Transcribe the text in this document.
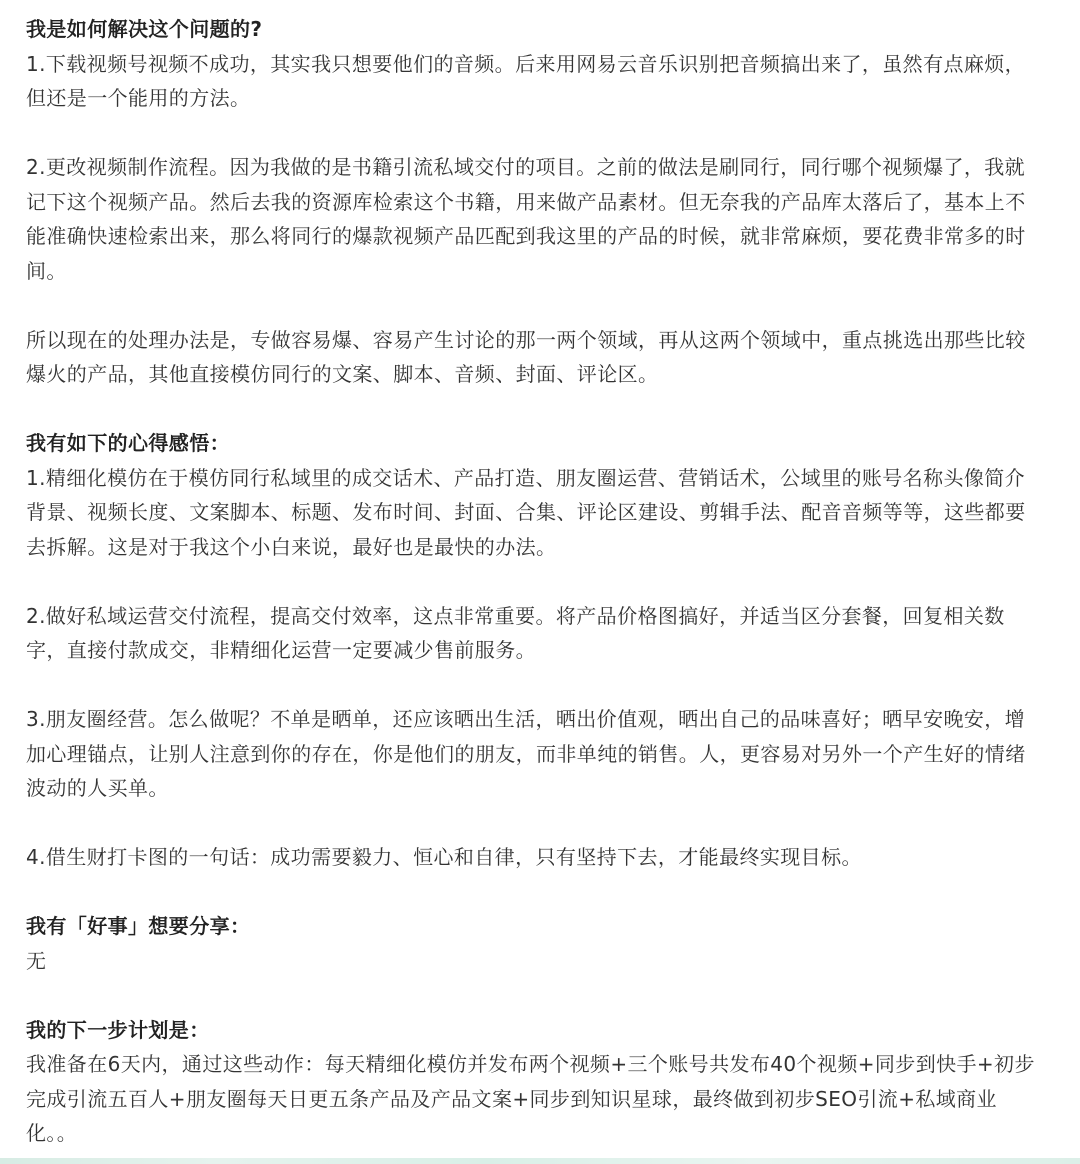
我是如何解决这个问题的?

1.下载视频号视频不成功，其实我只想要他们的音频。后来用网易云音乐识别把音频搞出来了，虽然有点麻烦，但还是一个能用的方法。

2.更改视频制作流程。因为我做的是书籍引流私域交付的项目。之前的做法是刷同行，同行哪个视频爆了，我就记下这个视频产品。然后去我的资源库检索这个书籍，用来做产品素材。但无奈我的产品库太落后了，基本上不能准确快速检索出来，那么将同行的爆款视频产品匹配到我这里的产品的时候，就非常麻烦，要花费非常多的时间。

所以现在的处理办法是，专做容易爆、容易产生讨论的那一两个领域，再从这两个领域中，重点挑选出那些比较爆火的产品，其他直接模仿同行的文案、脚本、音频、封面、评论区。

我有如下的心得感悟：

1.精细化模仿在于模仿同行私域里的成交话术、产品打造、朋友圈运营、营销话术，公域里的账号名称头像简介背景、视频长度、文案脚本、标题、发布时间、封面、合集、评论区建设、剪辑手法、配音音频等等，这些都要去拆解。这是对于我这个小白来说，最好也是最快的办法。

2.做好私域运营交付流程，提高交付效率，这点非常重要。将产品价格图搞好，并适当区分套餐，回复相关数字，直接付款成交，非精细化运营一定要减少售前服务。

3.朋友圈经营。怎么做呢？不单是晒单，还应该晒出生活，晒出价值观，晒出自己的品味喜好；晒早安晚安，增加心理锚点，让别人注意到你的存在，你是他们的朋友，而非单纯的销售。人，更容易对另外一个产生好的情绪波动的人买单。

4.借生财打卡图的一句话：成功需要毅力、恒心和自律，只有坚持下去，才能最终实现目标。

我有「好事」想要分享：

无

我的下一步计划是：

我准备在6天内，通过这些动作：每天精细化模仿并发布两个视频+三个账号共发布40个视频+同步到快手+初步完成引流五百人+朋友圈每天日更五条产品及产品文案+同步到知识星球，最终做到初步SEO引流+私域商业化。。
